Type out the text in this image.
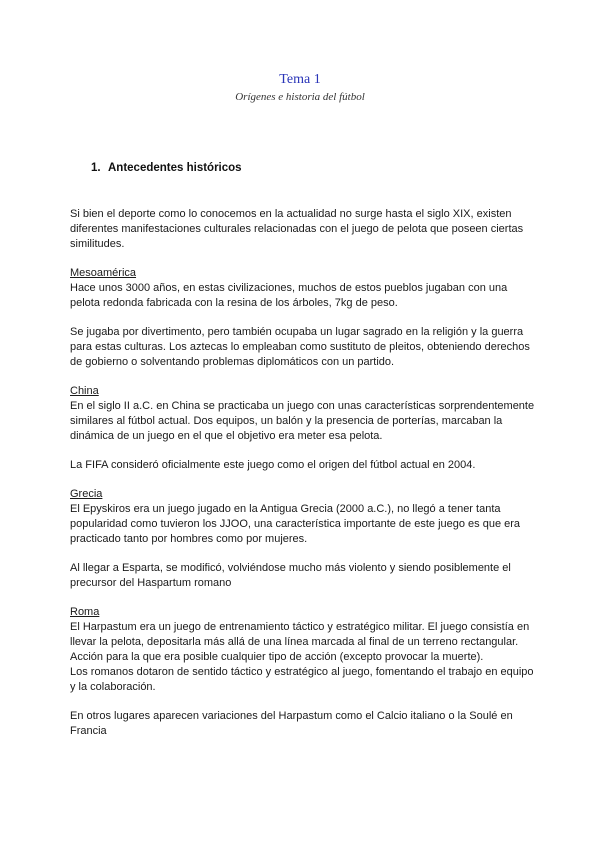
Tema 1
Orígenes e historia del fútbol
1. Antecedentes históricos

Si bien el deporte como lo conocemos en la actualidad no surge hasta el siglo XIX, existen diferentes manifestaciones culturales relacionadas con el juego de pelota que poseen ciertas similitudes.

Mesoamérica

Hace unos 3000 años, en estas civilizaciones, muchos de estos pueblos jugaban con una pelota redonda fabricada con la resina de los árboles, 7kg de peso.

Se jugaba por divertimento, pero también ocupaba un lugar sagrado en la religión y la guerra para estas culturas. Los aztecas lo empleaban como sustituto de pleitos, obteniendo derechos de gobierno o solventando problemas diplomáticos con un partido.

China

En el siglo II a.C. en China se practicaba un juego con unas características sorprendentemente similares al fútbol actual. Dos equipos, un balón y la presencia de porterías, marcaban la dinámica de un juego en el que el objetivo era meter esa pelota.

La FIFA consideró oficialmente este juego como el origen del fútbol actual en 2004.

Grecia

El Epyskiros era un juego jugado en la Antigua Grecia (2000 a.C.), no llegó a tener tanta popularidad como tuvieron los JJOO, una característica importante de este juego es que era practicado tanto por hombres como por mujeres.

Al llegar a Esparta, se modificó, volviéndose mucho más violento y siendo posiblemente el precursor del Haspartum romano

Roma

El Harpastum era un juego de entrenamiento táctico y estratégico militar. El juego consistía en llevar la pelota, depositarla más allá de una línea marcada al final de un terreno rectangular. Acción para la que era posible cualquier tipo de acción (excepto provocar la muerte).

Los romanos dotaron de sentido táctico y estratégico al juego, fomentando el trabajo en equipo y la colaboración.

En otros lugares aparecen variaciones del Harpastum como el Calcio italiano o la Soulé en Francia
